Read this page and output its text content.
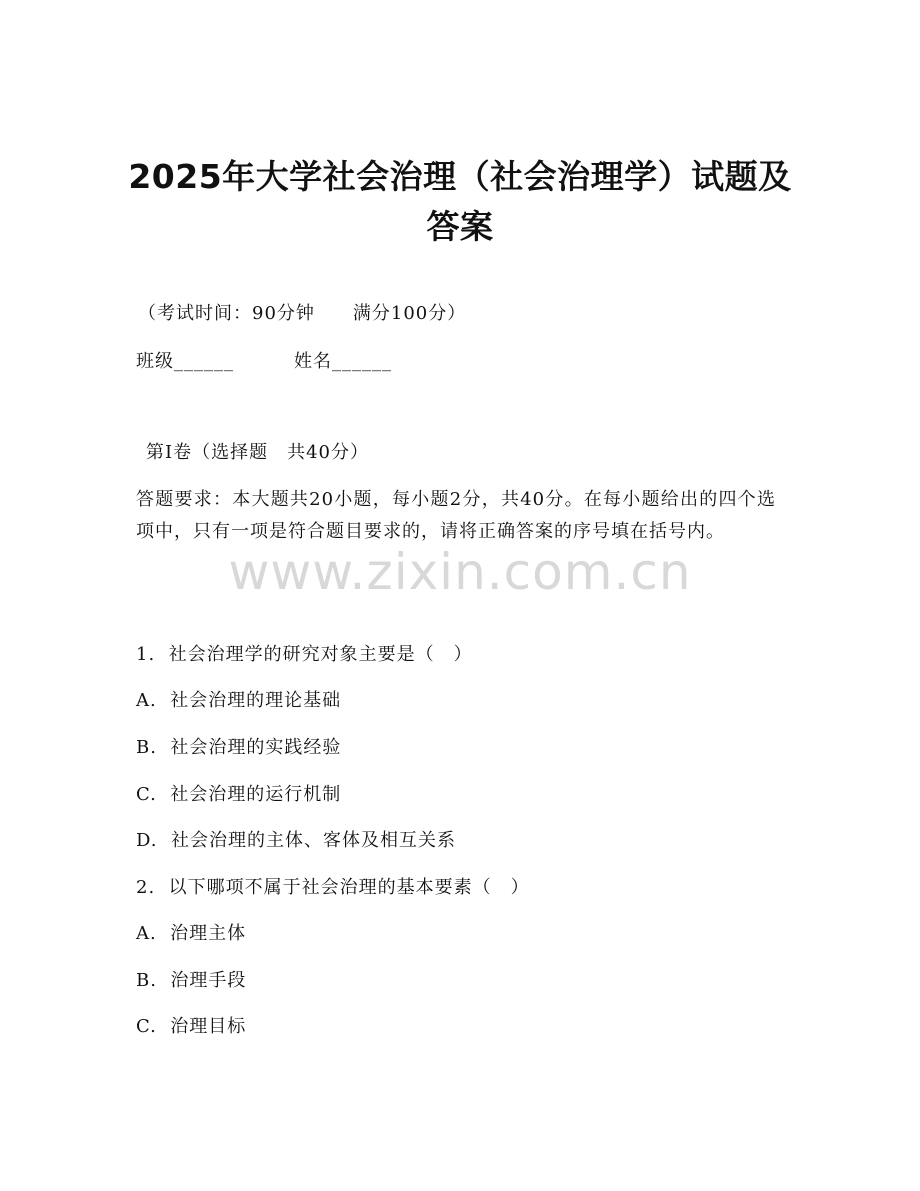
2025年大学社会治理（社会治理学）试题及
答案
（考试时间：90分钟　　满分100分）
班级______	姓名______
第I卷（选择题　共40分）

答题要求：本大题共20小题，每小题2分，共40分。在每小题给出的四个选项中，只有一项是符合题目要求的，请将正确答案的序号填在括号内。

www.zixin.com.cn
1.  社会治理学的研究对象主要是（　）
A.  社会治理的理论基础
B.  社会治理的实践经验
C.  社会治理的运行机制
D.  社会治理的主体、客体及相互关系
2.  以下哪项不属于社会治理的基本要素（　）
A.  治理主体
B.  治理手段
C.  治理目标
